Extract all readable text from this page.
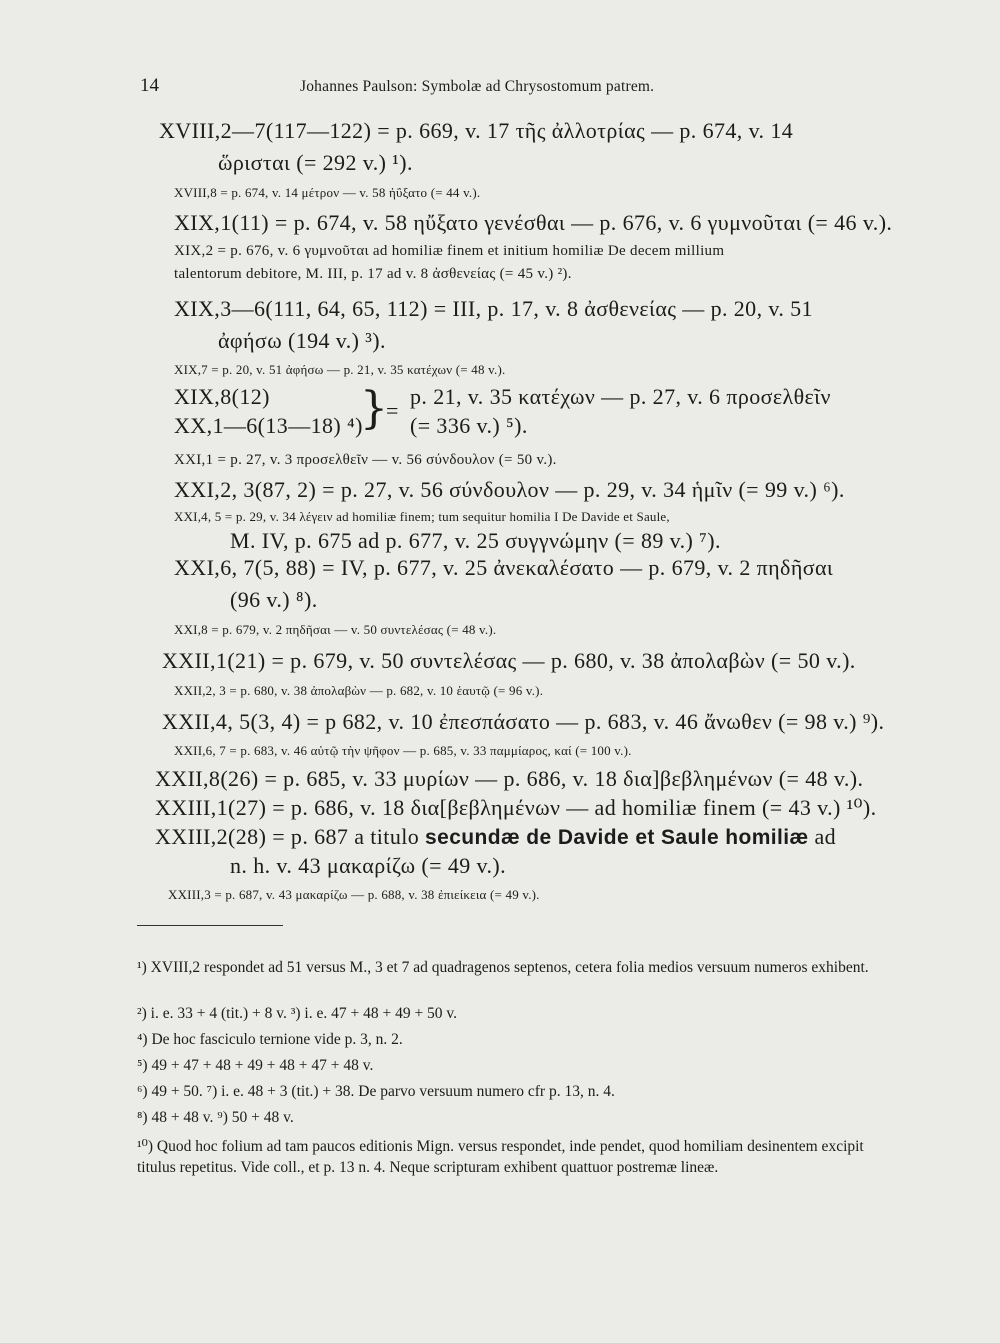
14	Johannes Paulson: Symbolæ ad Chrysostomum patrem.
XVIII,2—7(117—122) = p. 669, v. 17 τῆς ἀλλοτρίας — p. 674, v. 14
ὥρισται (= 292 v.) ¹).
XVIII,8 = p. 674, v. 14 μέτρον — v. 58 ἠΰξατο (= 44 v.).
XIX,1(11) = p. 674, v. 58 ηὔξατο γενέσθαι — p. 676, v. 6 γυμνοῦται (= 46 v.).
XIX,2 = p. 676, v. 6 γυμνοῦται ad homiliæ finem et initium homiliæ De decem millium
talentorum debitore, M. III, p. 17 ad v. 8 ἀσθενείας (= 45 v.) ²).
XIX,3—6(111, 64, 65, 112) = III, p. 17, v. 8 ἀσθενείας — p. 20, v. 51
ἀφήσω (194 v.) ³).
XIX,7 = p. 20, v. 51 ἀφήσω — p. 21, v. 35 κατέχων (= 48 v.).
XIX,8(12)
XX,1—6(13—18) ⁴)
}
=
p. 21, v. 35 κατέχων — p. 27, v. 6 προσελθεῖν
(= 336 v.) ⁵).
XXI,1 = p. 27, v. 3 προσελθεῖν — v. 56 σύνδουλον (= 50 v.).
XXI,2, 3(87, 2) = p. 27, v. 56 σύνδουλον — p. 29, v. 34 ἡμῖν (= 99 v.) ⁶).
XXI,4, 5 = p. 29, v. 34 λέγειν ad homiliæ finem; tum sequitur homilia I De Davide et Saule,
M. IV, p. 675 ad p. 677, v. 25 συγγνώμην (= 89 v.) ⁷).
XXI,6, 7(5, 88) = IV, p. 677, v. 25 ἀνεκαλέσατο — p. 679, v. 2 πηδῆσαι
(96 v.) ⁸).
XXI,8 = p. 679, v. 2 πηδῆσαι — v. 50 συντελέσας (= 48 v.).
XXII,1(21) = p. 679, v. 50 συντελέσας — p. 680, v. 38 ἀπολαβὼν (= 50 v.).
XXII,2, 3 = p. 680, v. 38 ἀπολαβὼν — p. 682, v. 10 ἑαυτῷ (= 96 v.).
XXII,4, 5(3, 4) = p 682, v. 10 ἐπεσπάσατο — p. 683, v. 46 ἄνωθεν (= 98 v.) ⁹).
XXII,6, 7 = p. 683, v. 46 αὐτῷ τὴν ψῆφον — p. 685, v. 33 παμμίαρος, καί (= 100 v.).
XXII,8(26) = p. 685, v. 33 μυρίων — p. 686, v. 18 δια]βεβλημένων (= 48 v.).
XXIII,1(27) = p. 686, v. 18 δια[βεβλημένων — ad homiliæ finem (= 43 v.) ¹⁰).
XXIII,2(28) = p. 687 a titulo secundæ de Davide et Saule homiliæ ad
n. h. v. 43 μακαρίζω (= 49 v.).
XXIII,3 = p. 687, v. 43 μακαρίζω — p. 688, v. 38 ἐπιείκεια (= 49 v.).
¹) XVIII,2 respondet ad 51 versus M., 3 et 7 ad quadragenos septenos, cetera folia medios versuum numeros exhibent.
²) i. e. 33 + 4 (tit.) + 8 v. ³) i. e. 47 + 48 + 49 + 50 v.
⁴) De hoc fasciculo ternione vide p. 3, n. 2.
⁵) 49 + 47 + 48 + 49 + 48 + 47 + 48 v.
⁶) 49 + 50. ⁷) i. e. 48 + 3 (tit.) + 38. De parvo versuum numero cfr p. 13, n. 4.
⁸) 48 + 48 v. ⁹) 50 + 48 v.
¹⁰) Quod hoc folium ad tam paucos editionis Mign. versus respondet, inde pendet, quod homiliam desinentem excipit titulus repetitus. Vide coll., et p. 13 n. 4. Neque scripturam exhibent quattuor postremæ lineæ.
